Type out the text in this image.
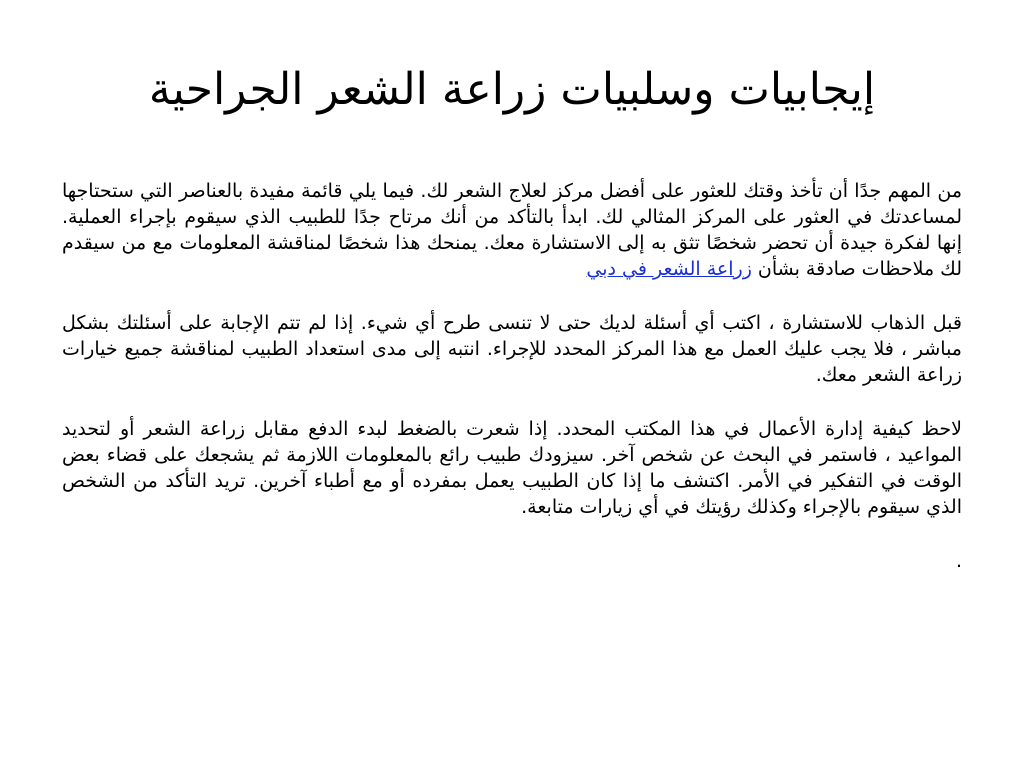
إيجابيات وسلبيات زراعة الشعر الجراحية

من المهم جدًا أن تأخذ وقتك للعثور على أفضل مركز لعلاج الشعر لك. فيما يلي قائمة مفيدة بالعناصر التي ستحتاجها لمساعدتك في العثور على المركز المثالي لك. ابدأ بالتأكد من أنك مرتاح جدًا للطبيب الذي سيقوم بإجراء العملية. إنها لفكرة جيدة أن تحضر شخصًا تثق به إلى الاستشارة معك. يمنحك هذا شخصًا لمناقشة المعلومات مع من سيقدم لك ملاحظات صادقة بشأن زراعة الشعر في دبي

قبل الذهاب للاستشارة ، اكتب أي أسئلة لديك حتى لا تنسى طرح أي شيء. إذا لم تتم الإجابة على أسئلتك بشكل مباشر ، فلا يجب عليك العمل مع هذا المركز المحدد للإجراء. انتبه إلى مدى استعداد الطبيب لمناقشة جميع خيارات زراعة الشعر معك.

لاحظ كيفية إدارة الأعمال في هذا المكتب المحدد. إذا شعرت بالضغط لبدء الدفع مقابل زراعة الشعر أو لتحديد المواعيد ، فاستمر في البحث عن شخص آخر. سيزودك طبيب رائع بالمعلومات اللازمة ثم يشجعك على قضاء بعض الوقت في التفكير في الأمر. اكتشف ما إذا كان الطبيب يعمل بمفرده أو مع أطباء آخرين. تريد التأكد من الشخص الذي سيقوم بالإجراء وكذلك رؤيتك في أي زيارات متابعة.

.
